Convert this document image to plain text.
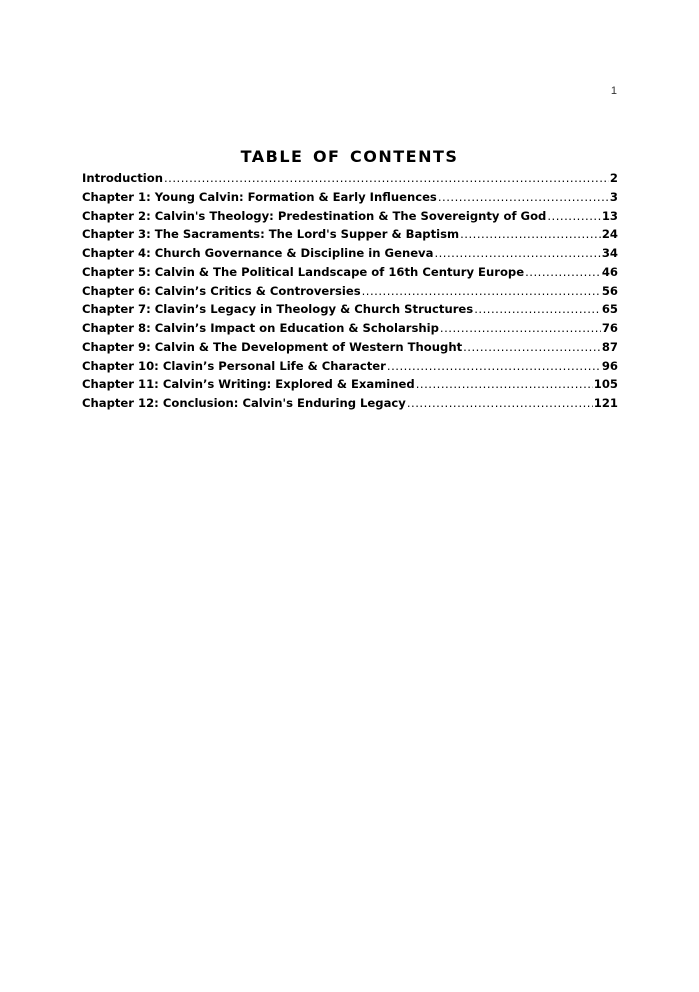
1
table of contents
Introduction .....	2
Chapter 1: Young Calvin: Formation & Early Influences .....	3
Chapter 2: Calvin's Theology: Predestination & The Sovereignty of God .....	13
Chapter 3: The Sacraments: The Lord's Supper & Baptism .....	24
Chapter 4: Church Governance & Discipline in Geneva .....	34
Chapter 5: Calvin & The Political Landscape of 16th Century Europe .....	46
Chapter 6: Calvin’s Critics & Controversies .....	56
Chapter 7: Clavin’s Legacy in Theology & Church Structures .....	65
Chapter 8: Calvin’s Impact on Education & Scholarship .....	76
Chapter 9: Calvin & The Development of Western Thought .....	87
Chapter 10: Clavin’s Personal Life & Character .....	96
Chapter 11: Calvin’s Writing: Explored & Examined .....	105
Chapter 12: Conclusion: Calvin's Enduring Legacy .....	121
